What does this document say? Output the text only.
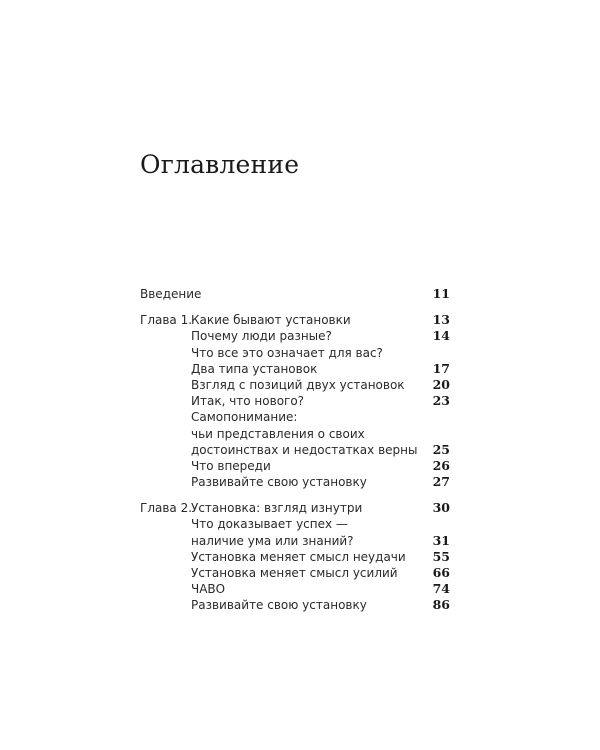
Оглавление
Введение	11
Глава 1.
Какие бывают установки	13
Почему люди разные?	14
Что все это означает для вас?
Два типа установок	17
Взгляд с позиций двух установок 20
Итак, что нового?	23
Самопонимание:
чьи представления о своих
достоинствах и недостатках верны 25
Что впереди	26
Развивайте свою установку	27
Глава 2.
Установка: взгляд изнутри	30
Что доказывает успех —
наличие ума или знаний?	31
Установка меняет смысл неудачи 55
Установка меняет смысл усилий	66
ЧАВО	74
Развивайте свою установку	86
